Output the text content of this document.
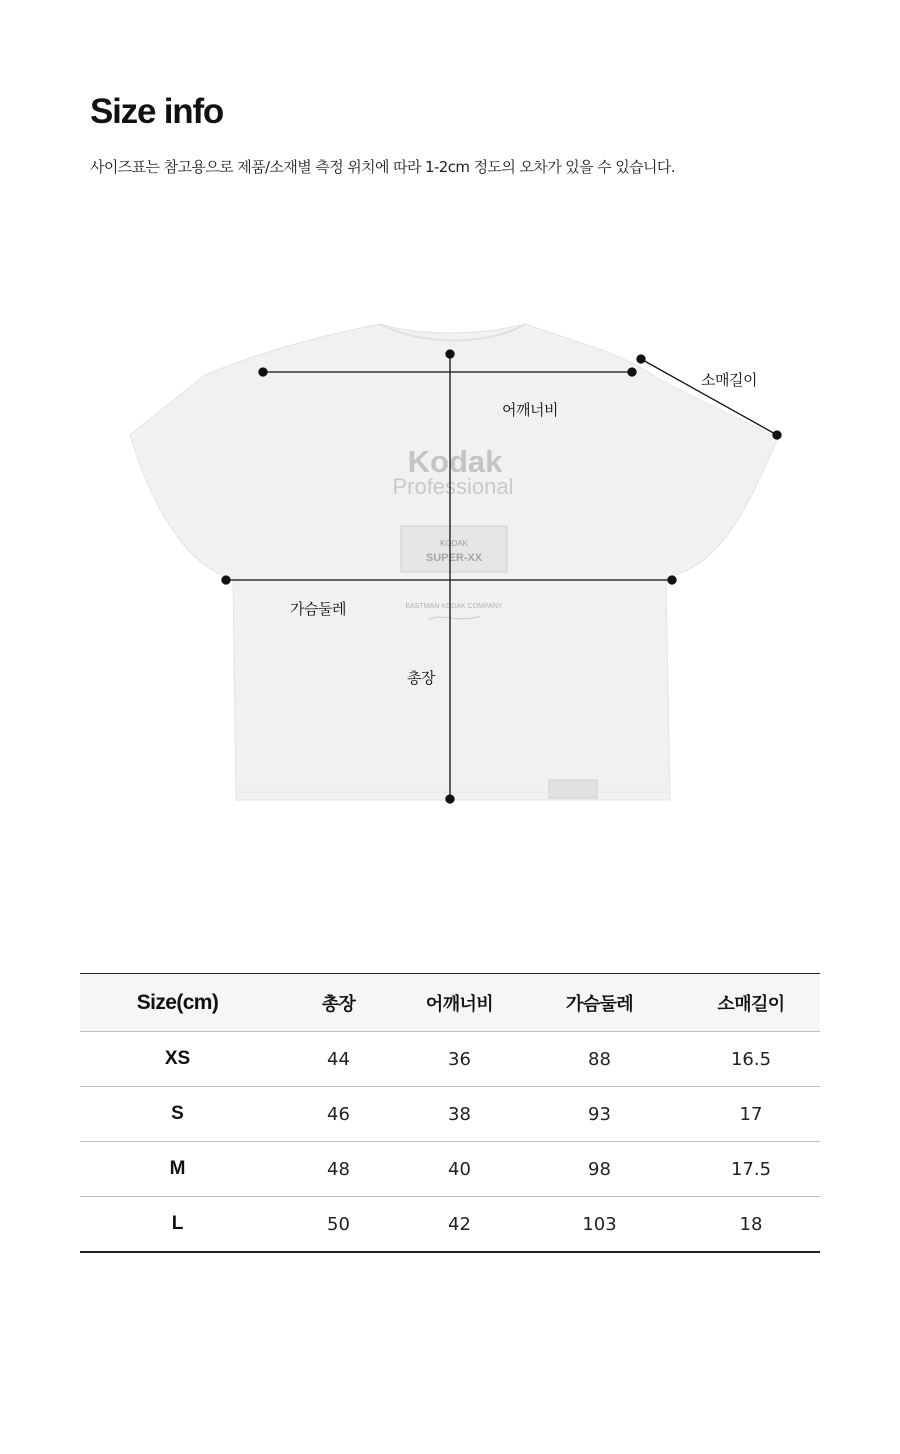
Size info

사이즈표는 참고용으로 제품/소재별 측정 위치에 따라 1-2cm 정도의 오차가 있을 수 있습니다.

Kodak
Professional
KODAK
SUPER-XX
EASTMAN KODAK COMPANY
어깨너비
소매길이
가슴둘레
총장
Size(cm)	총장	어깨너비	가슴둘레	소매길이
XS	44	36	88	16.5
S	46	38	93	17
M	48	40	98	17.5
L	50	42	103	18
